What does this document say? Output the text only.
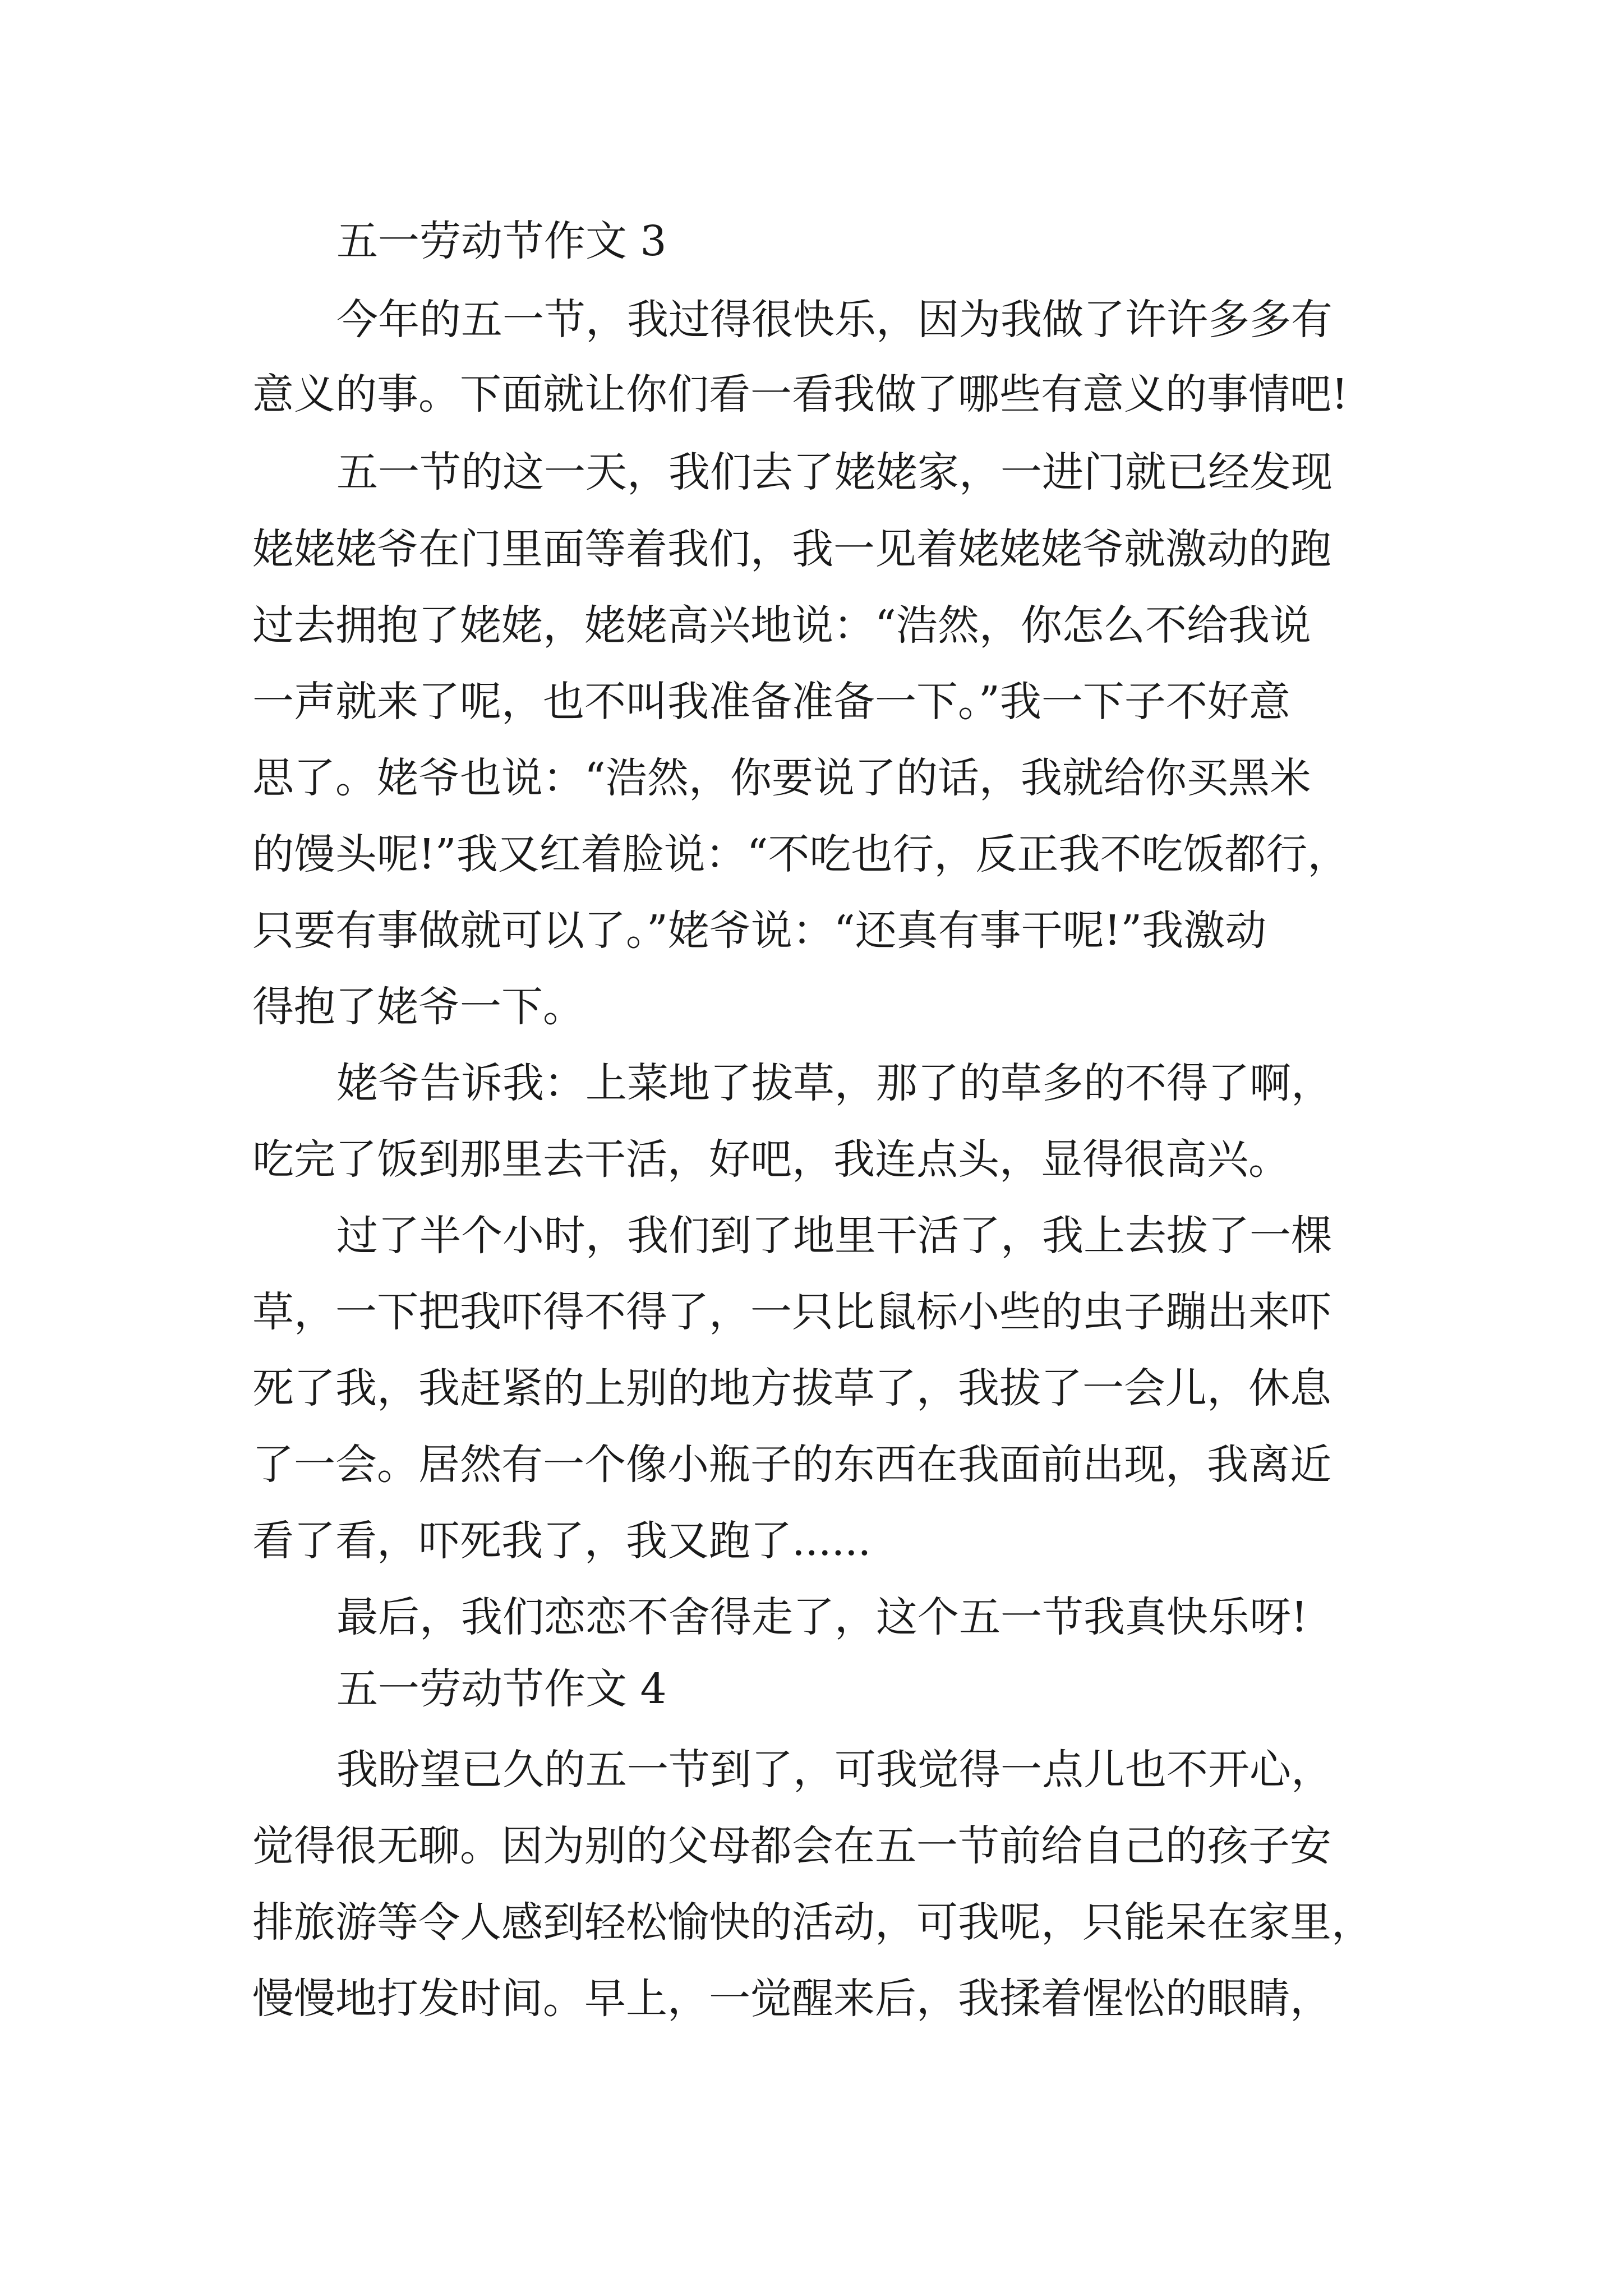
五一劳动节作文 3
今年的五一节，我过得很快乐，因为我做了许许多多有
意义的事。下面就让你们看一看我做了哪些有意义的事情吧!
五一节的这一天，我们去了姥姥家，一进门就已经发现
姥姥姥爷在门里面等着我们，我一见着姥姥姥爷就激动的跑
过去拥抱了姥姥，姥姥高兴地说：“浩然，你怎么不给我说
一声就来了呢，也不叫我准备准备一下。”我一下子不好意
思了。姥爷也说：“浩然，你要说了的话，我就给你买黑米
的馒头呢!”我又红着脸说：“不吃也行，反正我不吃饭都行，
只要有事做就可以了。”姥爷说：“还真有事干呢!”我激动
得抱了姥爷一下。
姥爷告诉我：上菜地了拔草，那了的草多的不得了啊，
吃完了饭到那里去干活，好吧，我连点头，显得很高兴。
过了半个小时，我们到了地里干活了，我上去拔了一棵
草，一下把我吓得不得了，一只比鼠标小些的虫子蹦出来吓
死了我，我赶紧的上别的地方拔草了，我拔了一会儿，休息
了一会。居然有一个像小瓶子的东西在我面前出现，我离近
看了看，吓死我了，我又跑了......
最后，我们恋恋不舍得走了，这个五一节我真快乐呀!
五一劳动节作文 4
我盼望已久的五一节到了，可我觉得一点儿也不开心，
觉得很无聊。因为别的父母都会在五一节前给自己的孩子安
排旅游等令人感到轻松愉快的活动，可我呢，只能呆在家里，
慢慢地打发时间。早上，一觉醒来后，我揉着惺忪的眼睛，
